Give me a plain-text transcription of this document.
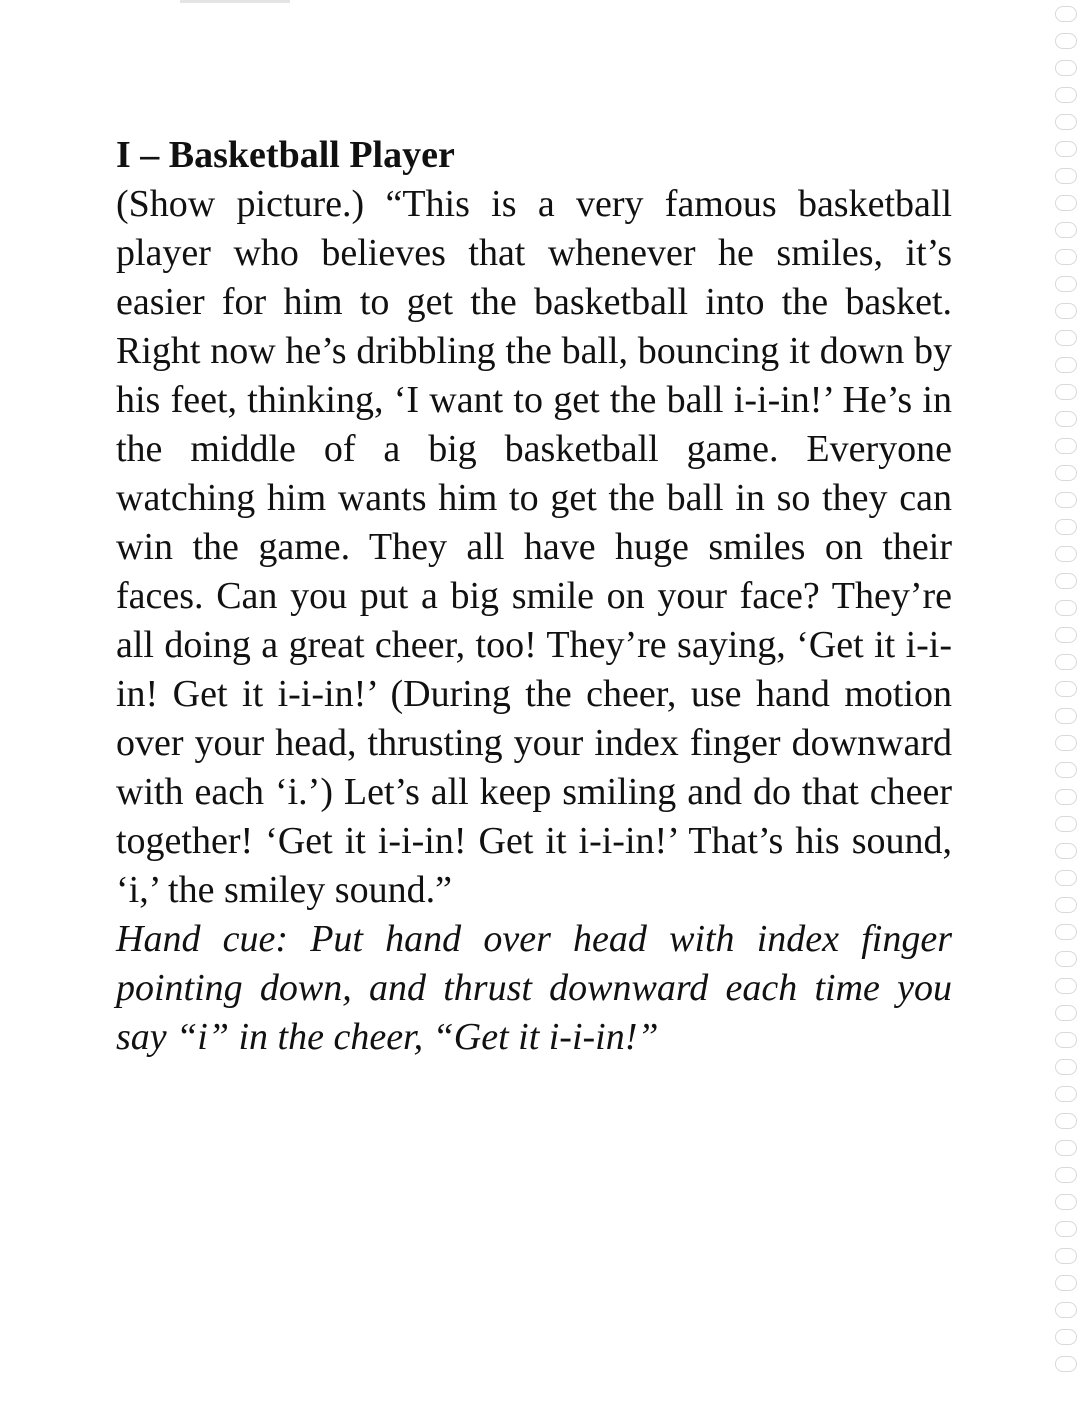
I – Basketball Player

(Show picture.) “This is a very famous basketball player who believes that whenever he smiles, it’s easier for him to get the basketball into the basket. Right now he’s dribbling the ball, bouncing it down by his feet, thinking, ‘I want to get the ball i-i-in!’ He’s in the middle of a big basketball game. Everyone watching him wants him to get the ball in so they can win the game. They all have huge smiles on their faces. Can you put a big smile on your face? They’re all doing a great cheer, too! They’re saying, ‘Get it i-i-in! Get it i-i-in!’ (During the cheer, use hand motion over your head, thrusting your index finger downward with each ‘i.’) Let’s all keep smiling and do that cheer together! ‘Get it i-i-in! Get it i-i-in!’ That’s his sound, ‘i,’ the smiley sound.”

Hand cue: Put hand over head with index finger pointing down, and thrust downward each time you say “i” in the cheer, “Get it i-i-in!”
